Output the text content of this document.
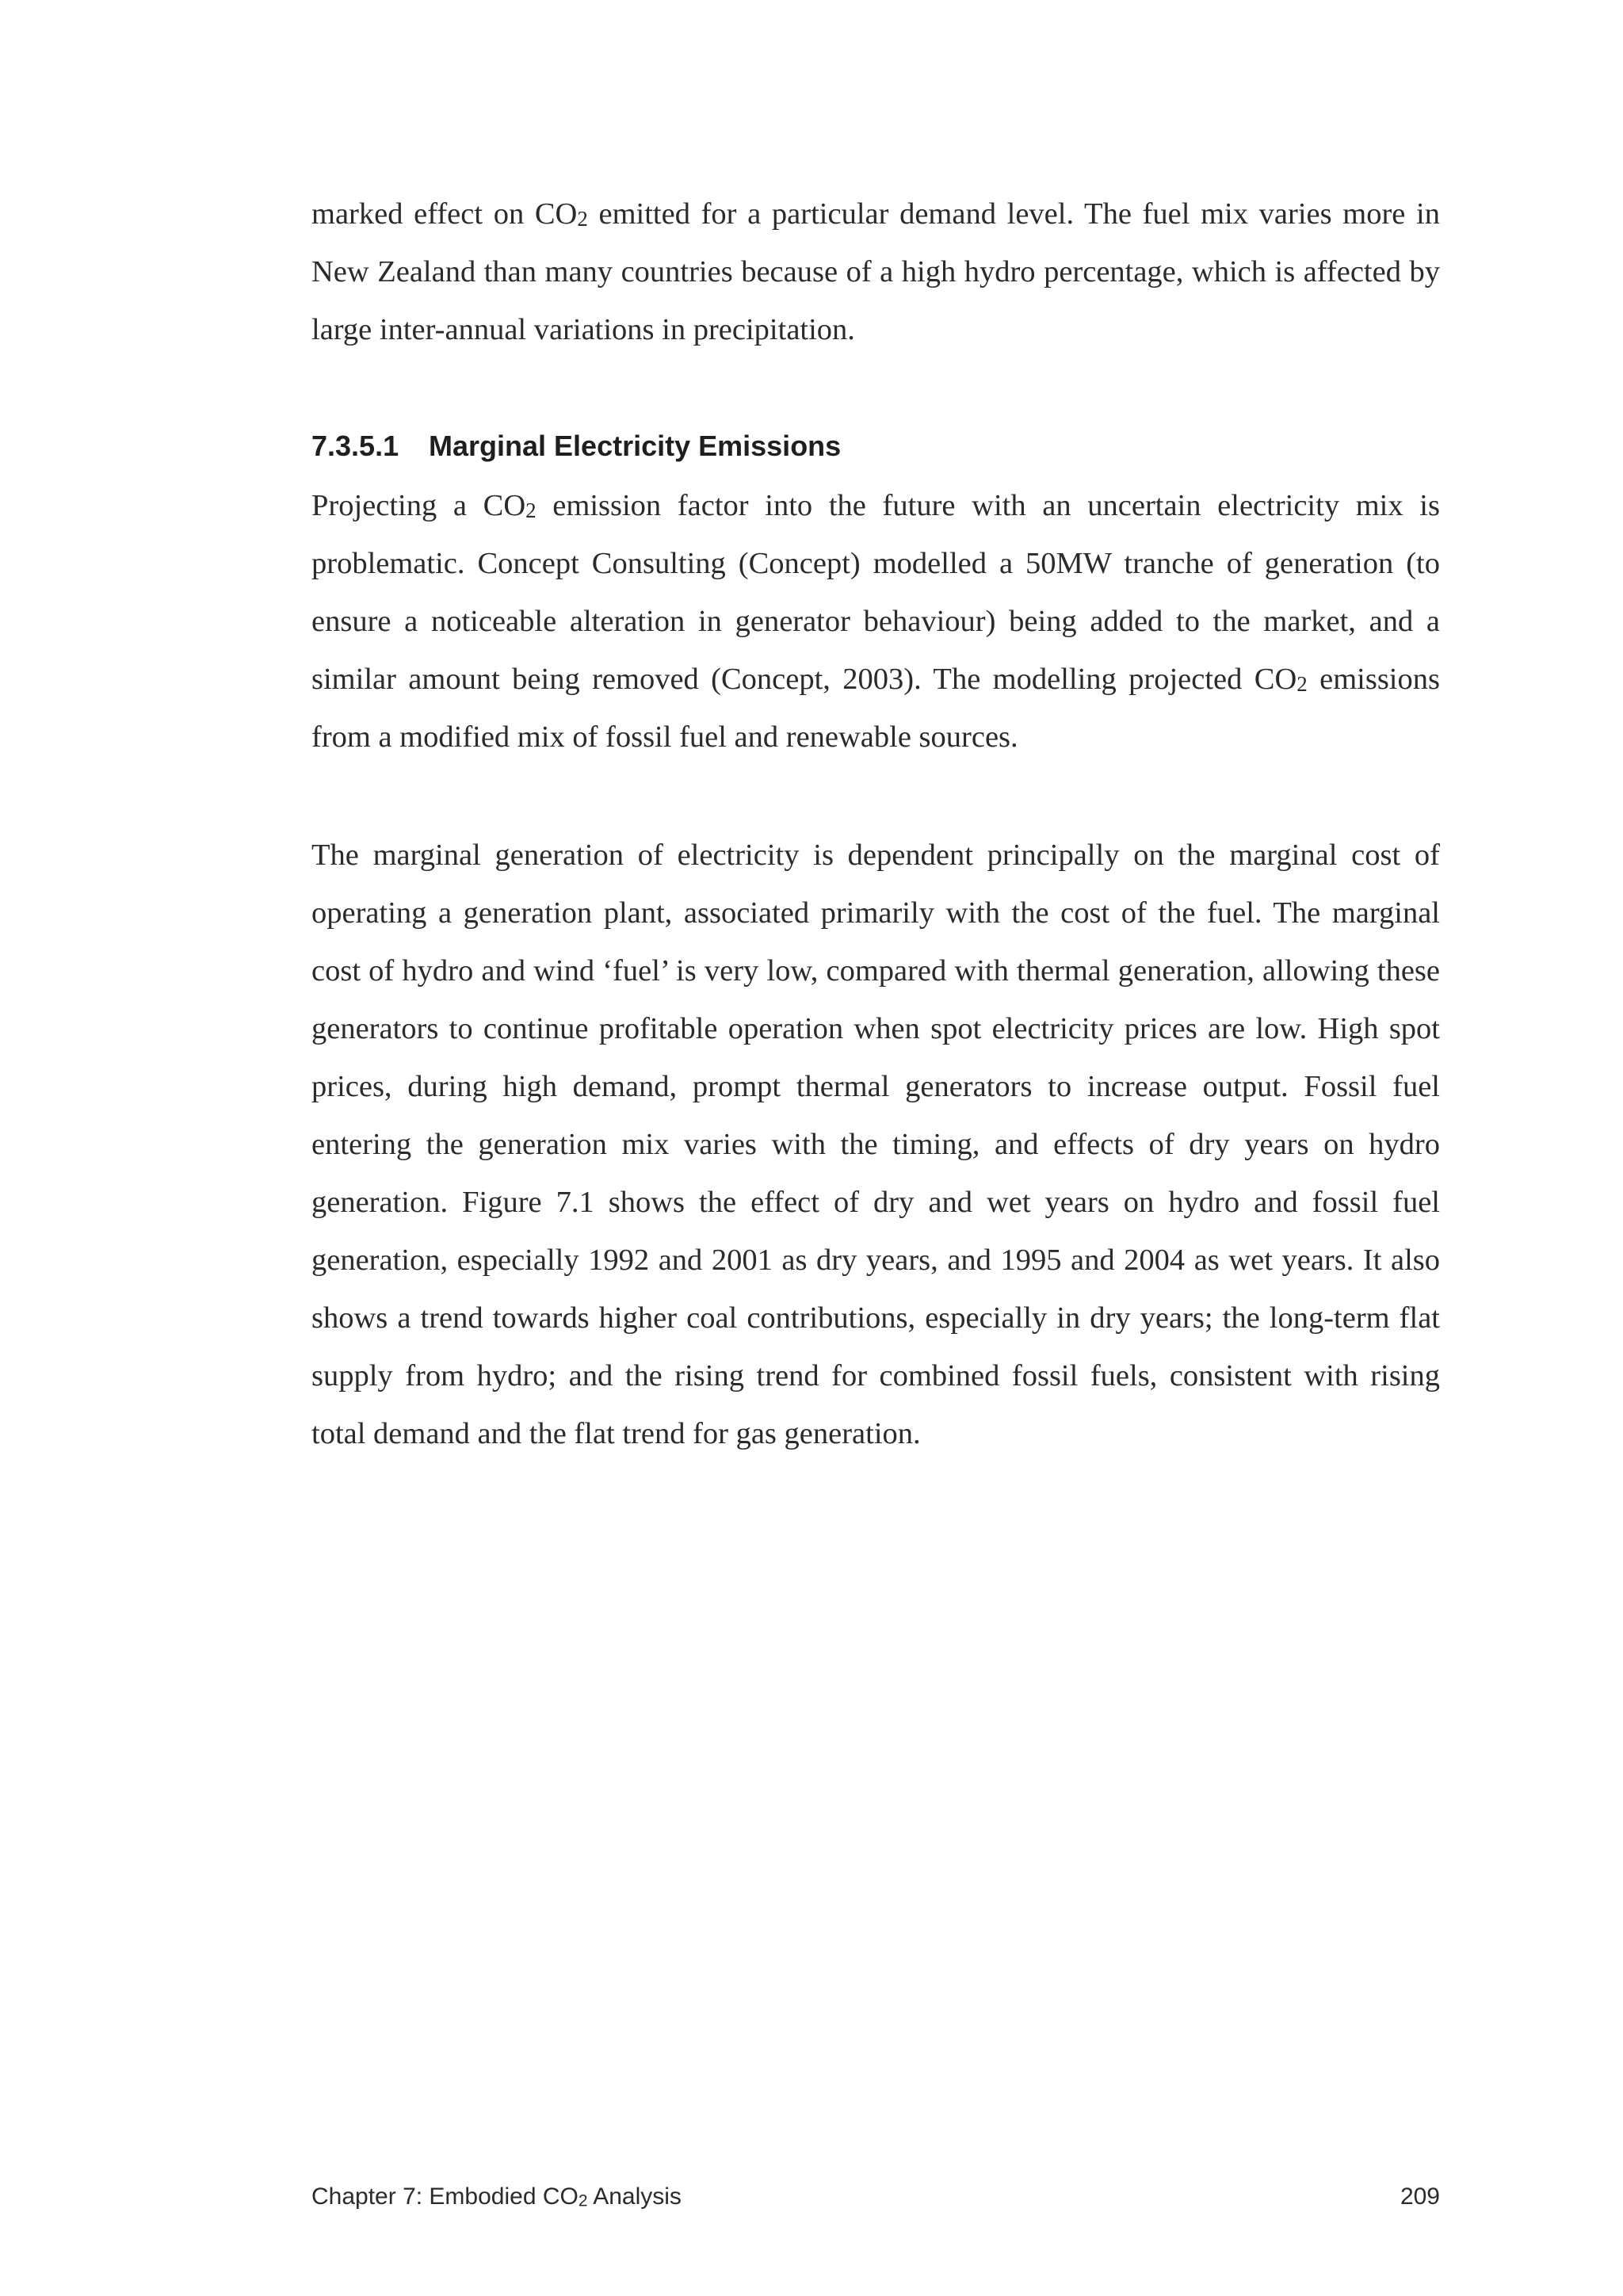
marked effect on $CO_2$ emitted for a particular demand level. The fuel mix varies more in New Zealand than many countries because of a high hydro percentage, which is affected by large inter-annual variations in precipitation.

7.3.5.1 Marginal Electricity Emissions

Projecting a $CO_2$ emission factor into the future with an uncertain electricity mix is problematic. Concept Consulting (Concept) modelled a 50MW tranche of generation (to ensure a noticeable alteration in generator behaviour) being added to the market, and a similar amount being removed (Concept, 2003). The modelling projected $CO_2$ emissions from a modified mix of fossil fuel and renewable sources.

The marginal generation of electricity is dependent principally on the marginal cost of operating a generation plant, associated primarily with the cost of the fuel. The marginal cost of hydro and wind ‘fuel’ is very low, compared with thermal generation, allowing these generators to continue profitable operation when spot electricity prices are low. High spot prices, during high demand, prompt thermal generators to increase output. Fossil fuel entering the generation mix varies with the timing, and effects of dry years on hydro generation. Figure 7.1 shows the effect of dry and wet years on hydro and fossil fuel generation, especially 1992 and 2001 as dry years, and 1995 and 2004 as wet years. It also shows a trend towards higher coal contributions, especially in dry years; the long-term flat supply from hydro; and the rising trend for combined fossil fuels, consistent with rising total demand and the flat trend for gas generation.

Chapter 7: Embodied $CO_2$ Analysis	209
